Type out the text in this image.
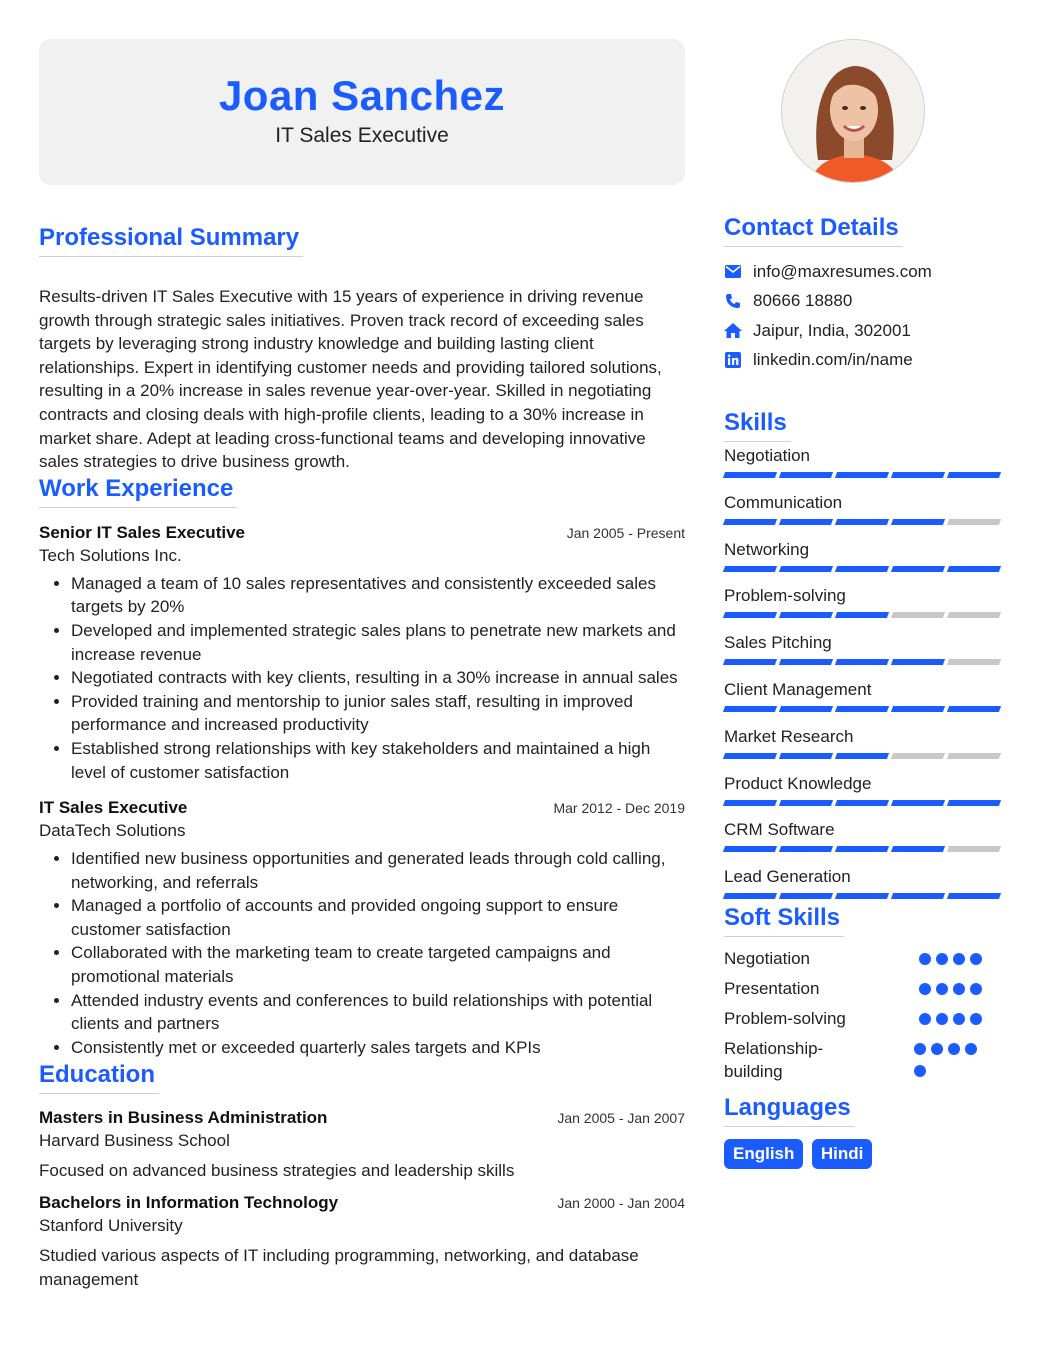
Joan Sanchez
IT Sales Executive
Professional Summary
Results-driven IT Sales Executive with 15 years of experience in driving revenue growth through strategic sales initiatives. Proven track record of exceeding sales targets by leveraging strong industry knowledge and building lasting client relationships. Expert in identifying customer needs and providing tailored solutions, resulting in a 20% increase in sales revenue year-over-year. Skilled in negotiating contracts and closing deals with high-profile clients, leading to a 30% increase in market share. Adept at leading cross-functional teams and developing innovative sales strategies to drive business growth.
Work Experience
Senior IT Sales Executive	Jan 2005 - Present
Tech Solutions Inc.
• Managed a team of 10 sales representatives and consistently exceeded sales targets by 20%
• Developed and implemented strategic sales plans to penetrate new markets and increase revenue
• Negotiated contracts with key clients, resulting in a 30% increase in annual sales
• Provided training and mentorship to junior sales staff, resulting in improved performance and increased productivity
• Established strong relationships with key stakeholders and maintained a high level of customer satisfaction
IT Sales Executive	Mar 2012 - Dec 2019
DataTech Solutions
• Identified new business opportunities and generated leads through cold calling, networking, and referrals
• Managed a portfolio of accounts and provided ongoing support to ensure customer satisfaction
• Collaborated with the marketing team to create targeted campaigns and promotional materials
• Attended industry events and conferences to build relationships with potential clients and partners
• Consistently met or exceeded quarterly sales targets and KPIs
Education
Masters in Business Administration	Jan 2005 - Jan 2007
Harvard Business School
Focused on advanced business strategies and leadership skills
Bachelors in Information Technology	Jan 2000 - Jan 2004
Stanford University
Studied various aspects of IT including programming, networking, and database management
Contact Details
info@maxresumes.com
80666 18880
Jaipur, India, 302001
linkedin.com/in/name
Skills
Negotiation
Communication
Networking
Problem-solving
Sales Pitching
Client Management
Market Research
Product Knowledge
CRM Software
Lead Generation
Soft Skills
Negotiation
Presentation
Problem-solving
Relationship-building
Languages
English Hindi
